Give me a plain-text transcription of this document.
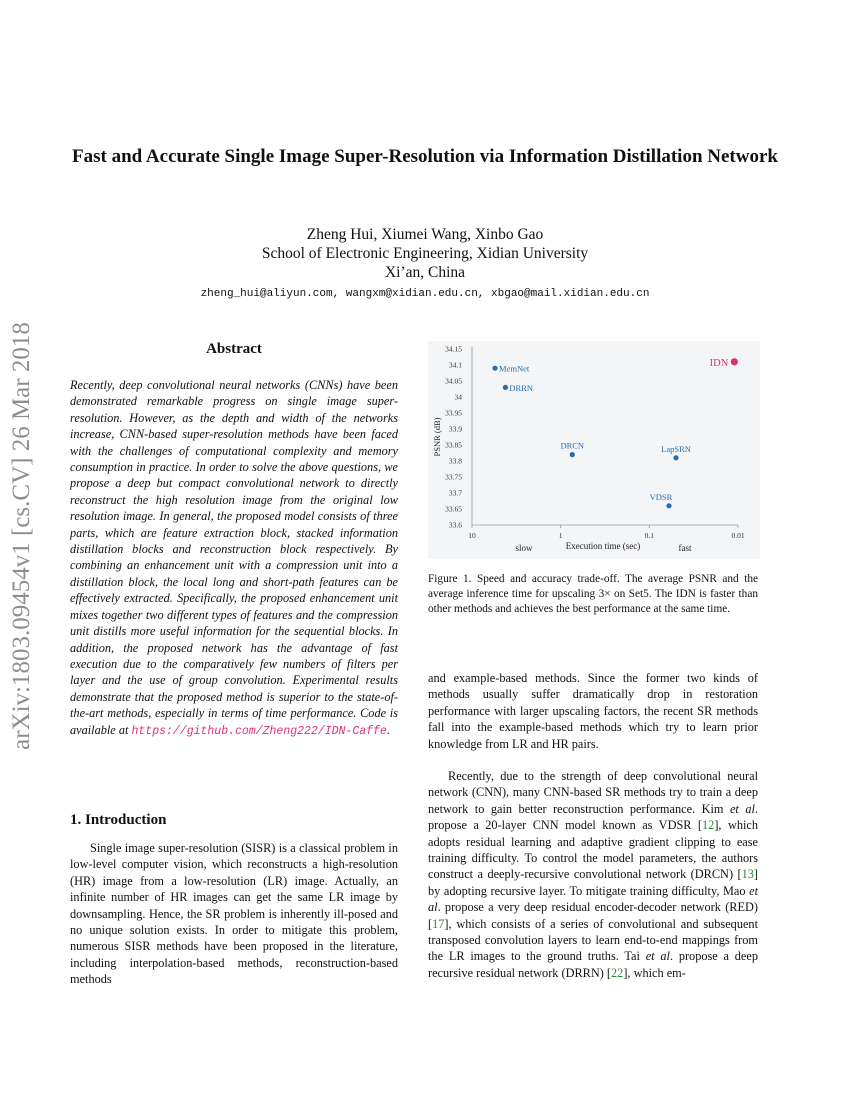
arXiv:1803.09454v1 [cs.CV] 26 Mar 2018
Fast and Accurate Single Image Super-Resolution via Information Distillation Network
Zheng Hui, Xiumei Wang, Xinbo Gao
School of Electronic Engineering, Xidian University
Xi’an, China
zheng_hui@aliyun.com, wangxm@xidian.edu.cn, xbgao@mail.xidian.edu.cn
Abstract
Recently, deep convolutional neural networks (CNNs) have been demonstrated remarkable progress on single image super-resolution. However, as the depth and width of the networks increase, CNN-based super-resolution methods have been faced with the challenges of computational complexity and memory consumption in practice. In order to solve the above questions, we propose a deep but compact convolutional network to directly reconstruct the high resolution image from the original low resolution image. In general, the proposed model consists of three parts, which are feature extraction block, stacked information distillation blocks and reconstruction block respectively. By combining an enhancement unit with a compression unit into a distillation block, the local long and short-path features can be effectively extracted. Specifically, the proposed enhancement unit mixes together two different types of features and the compression unit distills more useful information for the sequential blocks. In addition, the proposed network has the advantage of fast execution due to the comparatively few numbers of filters per layer and the use of group convolution. Experimental results demonstrate that the proposed method is superior to the state-of-the-art methods, especially in terms of time performance. Code is available at https://github.com/Zheng222/IDN-Caffe.
1. Introduction
Single image super-resolution (SISR) is a classical problem in low-level computer vision, which reconstructs a high-resolution (HR) image from a low-resolution (LR) image. Actually, an infinite number of HR images can get the same LR image by downsampling. Hence, the SR problem is inherently ill-posed and no unique solution exists. In order to mitigate this problem, numerous SISR methods have been proposed in the literature, including interpolation-based methods, reconstruction-based methods
33.6
33.65
33.7
33.75
33.8
33.85
33.9
33.95
34
34.05
34.1
34.15
10	1	0.1	0.01
PSNR (dB)
Execution time (sec)
slow	fast
MemNet
DRRN
DRCN	LapSRN
VDSR
IDN
Figure 1. Speed and accuracy trade-off. The average PSNR and the average inference time for upscaling 3× on Set5. The IDN is faster than other methods and achieves the best performance at the same time.
and example-based methods. Since the former two kinds of methods usually suffer dramatically drop in restoration performance with larger upscaling factors, the recent SR methods fall into the example-based methods which try to learn prior knowledge from LR and HR pairs.
Recently, due to the strength of deep convolutional neural network (CNN), many CNN-based SR methods try to train a deep network to gain better reconstruction performance. Kim et al. propose a 20-layer CNN model known as VDSR [12], which adopts residual learning and adaptive gradient clipping to ease training difficulty. To control the model parameters, the authors construct a deeply-recursive convolutional network (DRCN) [13] by adopting recursive layer. To mitigate training difficulty, Mao et al. propose a very deep residual encoder-decoder network (RED) [17], which consists of a series of convolutional and subsequent transposed convolution layers to learn end-to-end mappings from the LR images to the ground truths. Tai et al. propose a deep recursive residual network (DRRN) [22], which em-
